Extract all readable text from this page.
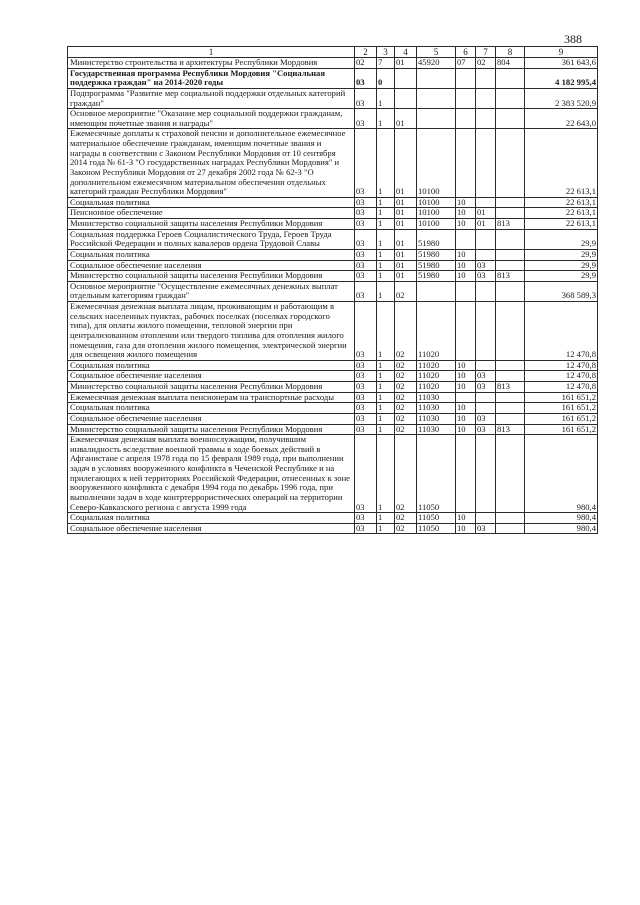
388
1	2	3	4	5	6	7	8	9
Министерство строительства и архитектуры Республики Мордовия	02	7	01	45920	07	02	804	361 643,6
Государственная программа Республики Мордовия "Социальная поддержка граждан" на 2014-2020 годы	03	0						4 182 995,4
Подпрограмма "Развитие мер социальной поддержки отдельных категорий граждан"	03	1						2 383 520,9
Основное мероприятие "Оказание мер социальной поддержки гражданам, имеющим почетные звания и награды"	03	1	01					22 643,0
Ежемесячные доплаты к страховой пенсии и дополнительное ежемесячное материальное обеспечение гражданам, имеющим почетные звания и награды в соответствии с Законом Республики Мордовия от 10 сентября 2014 года № 61-З "О государственных наградах Республики Мордовия" и Законом Республики Мордовия от 27 декабря 2002 года № 62-З "О дополнительном ежемесячном материальном обеспечении отдельных категорий граждан Республики Мордовия"	03	1	01	10100				22 613,1
Социальная политика	03	1	01	10100	10			22 613,1
Пенсионное обеспечение	03	1	01	10100	10	01		22 613,1
Министерство социальной защиты населения Республики Мордовия	03	1	01	10100	10	01	813	22 613,1
Социальная поддержка Героев Социалистического Труда, Героев Труда Российской Федерации и полных кавалеров ордена Трудовой Славы	03	1	01	51980				29,9
Социальная политика	03	1	01	51980	10			29,9
Социальное обеспечение населения	03	1	01	51980	10	03		29,9
Министерство социальной защиты населения Республики Мордовия	03	1	01	51980	10	03	813	29,9
Основное мероприятие "Осуществление ежемесячных денежных выплат отдельным категориям граждан"	03	1	02					368 589,3
Ежемесячная денежная выплата лицам, проживающим и работающим в сельских населенных пунктах, рабочих поселках (поселках городского типа), для оплаты жилого помещения, тепловой энергии при централизованном отоплении или твердого топлива для отопления жилого помещения, газа для отопления жилого помещения, электрической энергии для освещения жилого помещения	03	1	02	11020				12 470,8
Социальная политика	03	1	02	11020	10			12 470,8
Социальное обеспечение населения	03	1	02	11020	10	03		12 470,8
Министерство социальной защиты населения Республики Мордовия	03	1	02	11020	10	03	813	12 470,8
Ежемесячная денежная выплата пенсионерам на транспортные расходы	03	1	02	11030				161 651,2
Социальная политика	03	1	02	11030	10			161 651,2
Социальное обеспечение населения	03	1	02	11030	10	03		161 651,2
Министерство социальной защиты населения Республики Мордовия	03	1	02	11030	10	03	813	161 651,2
Ежемесячная денежная выплата военнослужащим, получившим инвалидность вследствие военной травмы в ходе боевых действий в Афганистане с апреля 1978 года по 15 февраля 1989 года, при выполнении задач в условиях вооруженного конфликта в Чеченской Республике и на прилегающих к ней территориях Российской Федерации, отнесенных к зоне вооруженного конфликта с декабря 1994 года по декабрь 1996 года, при выполнении задач в ходе контртеррористических операций на территории Северо-Кавказского региона с августа 1999 года	03	1	02	11050				980,4
Социальная политика	03	1	02	11050	10			980,4
Социальное обеспечение населения	03	1	02	11050	10	03		980,4
